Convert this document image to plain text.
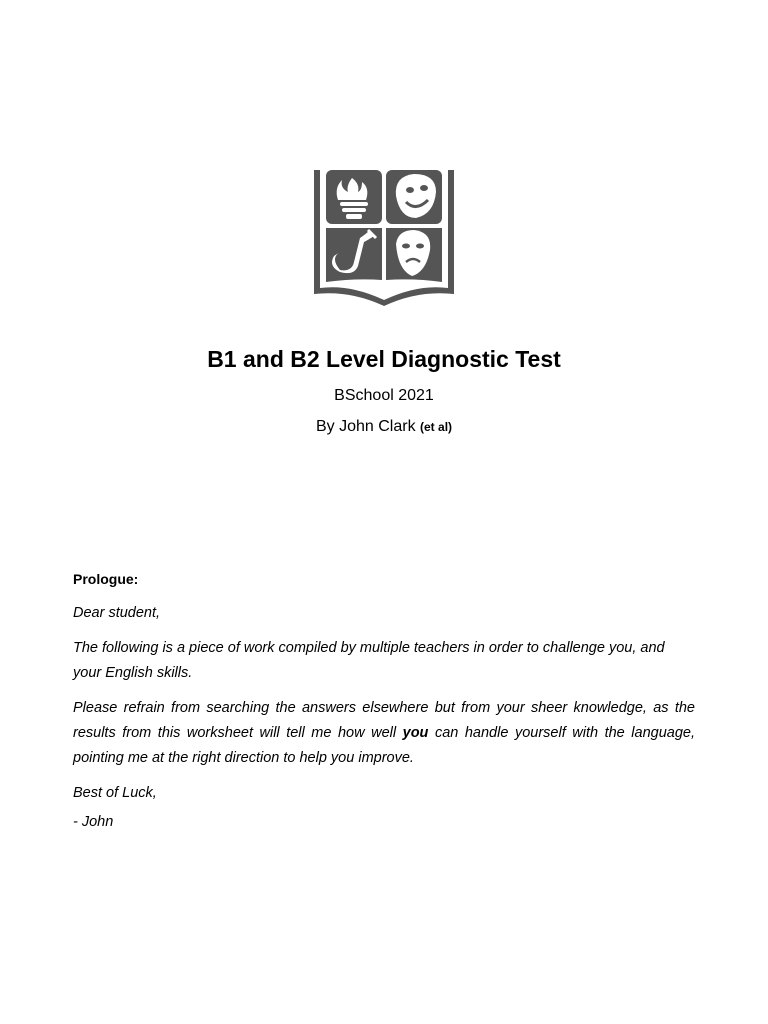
B1 and B2 Level Diagnostic Test
BSchool 2021
By John Clark (et al)
Prologue:
Dear student,
The following is a piece of work compiled by multiple teachers in order to challenge you, and your English skills.
Please refrain from searching the answers elsewhere but from your sheer knowledge, as the results from this worksheet will tell me how well you can handle yourself with the language, pointing me at the right direction to help you improve.
Best of Luck,
- John
